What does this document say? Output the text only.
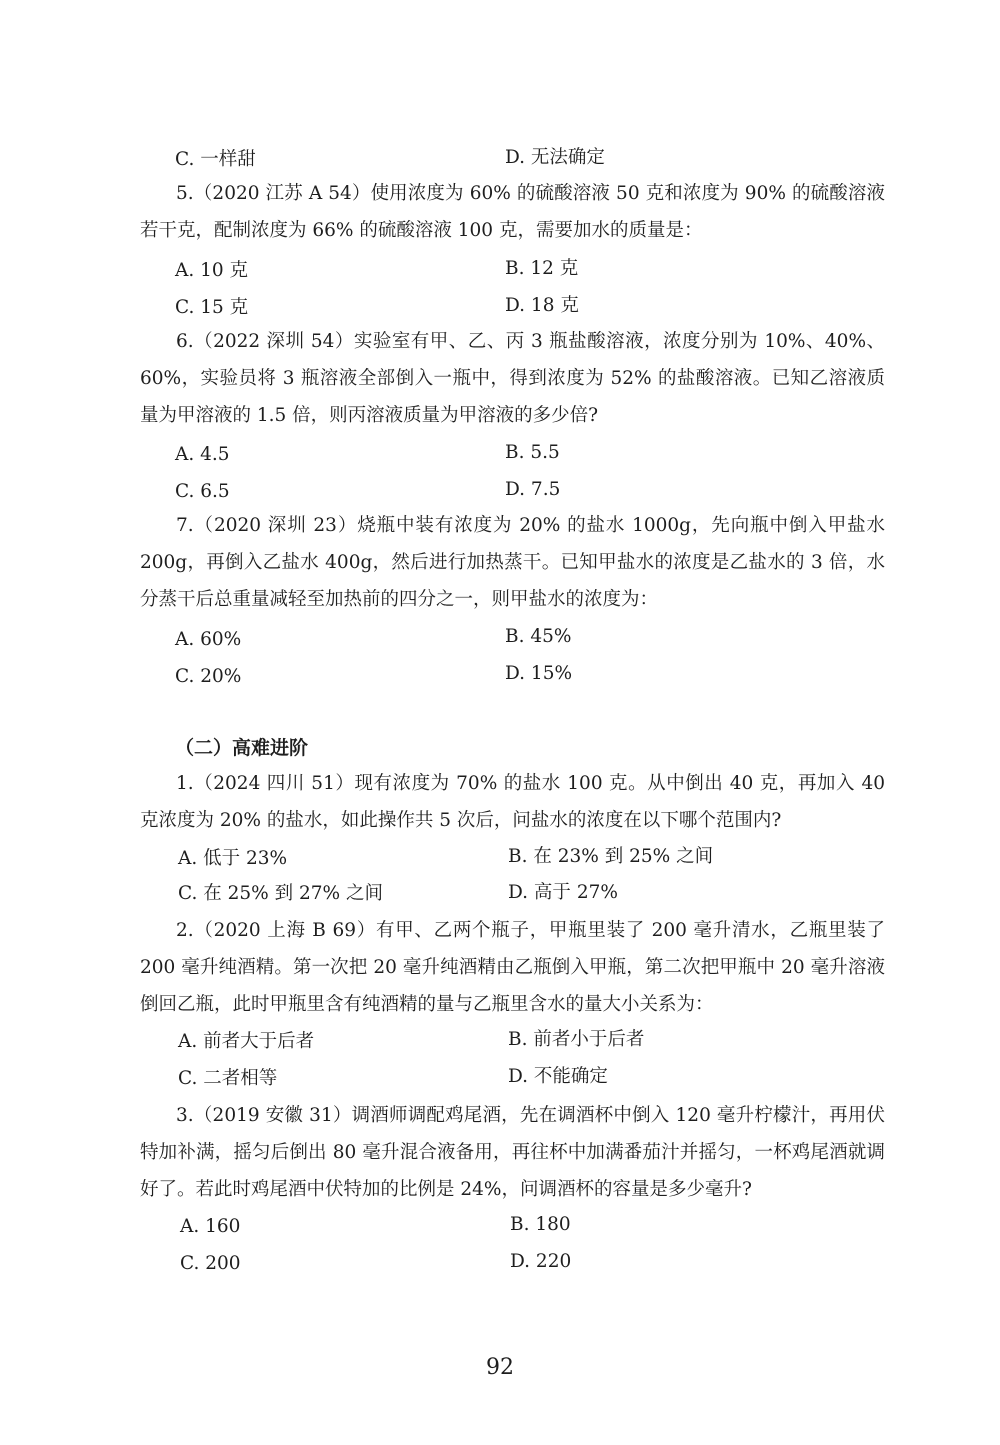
C. 一样甜	D. 无法确定

5.（2020 江苏 A 54）使用浓度为 60% 的硫酸溶液 50 克和浓度为 90% 的硫酸溶液若干克，配制浓度为 66% 的硫酸溶液 100 克，需要加水的质量是：

A. 10 克	B. 12 克
C. 15 克	D. 18 克

6.（2022 深圳 54）实验室有甲、乙、丙 3 瓶盐酸溶液，浓度分别为 10%、40%、60%，实验员将 3 瓶溶液全部倒入一瓶中，得到浓度为 52% 的盐酸溶液。已知乙溶液质量为甲溶液的 1.5 倍，则丙溶液质量为甲溶液的多少倍?

A. 4.5	B. 5.5
C. 6.5	D. 7.5

7.（2020 深圳 23）烧瓶中装有浓度为 20% 的盐水 1000g，先向瓶中倒入甲盐水 200g，再倒入乙盐水 400g，然后进行加热蒸干。已知甲盐水的浓度是乙盐水的 3 倍，水分蒸干后总重量减轻至加热前的四分之一，则甲盐水的浓度为：

A. 60%	B. 45%
C. 20%	D. 15%
（二）高难进阶

1.（2024 四川 51）现有浓度为 70% 的盐水 100 克。从中倒出 40 克，再加入 40 克浓度为 20% 的盐水，如此操作共 5 次后，问盐水的浓度在以下哪个范围内?

A. 低于 23%	B. 在 23% 到 25% 之间
C. 在 25% 到 27% 之间	D. 高于 27%

2.（2020 上海 B 69）有甲、乙两个瓶子，甲瓶里装了 200 毫升清水，乙瓶里装了 200 毫升纯酒精。第一次把 20 毫升纯酒精由乙瓶倒入甲瓶，第二次把甲瓶中 20 毫升溶液倒回乙瓶，此时甲瓶里含有纯酒精的量与乙瓶里含水的量大小关系为：

A. 前者大于后者	B. 前者小于后者
C. 二者相等	D. 不能确定

3.（2019 安徽 31）调酒师调配鸡尾酒，先在调酒杯中倒入 120 毫升柠檬汁，再用伏特加补满，摇匀后倒出 80 毫升混合液备用，再往杯中加满番茄汁并摇匀，一杯鸡尾酒就调好了。若此时鸡尾酒中伏特加的比例是 24%，问调酒杯的容量是多少毫升?

A. 160	B. 180
C. 200	D. 220
92
